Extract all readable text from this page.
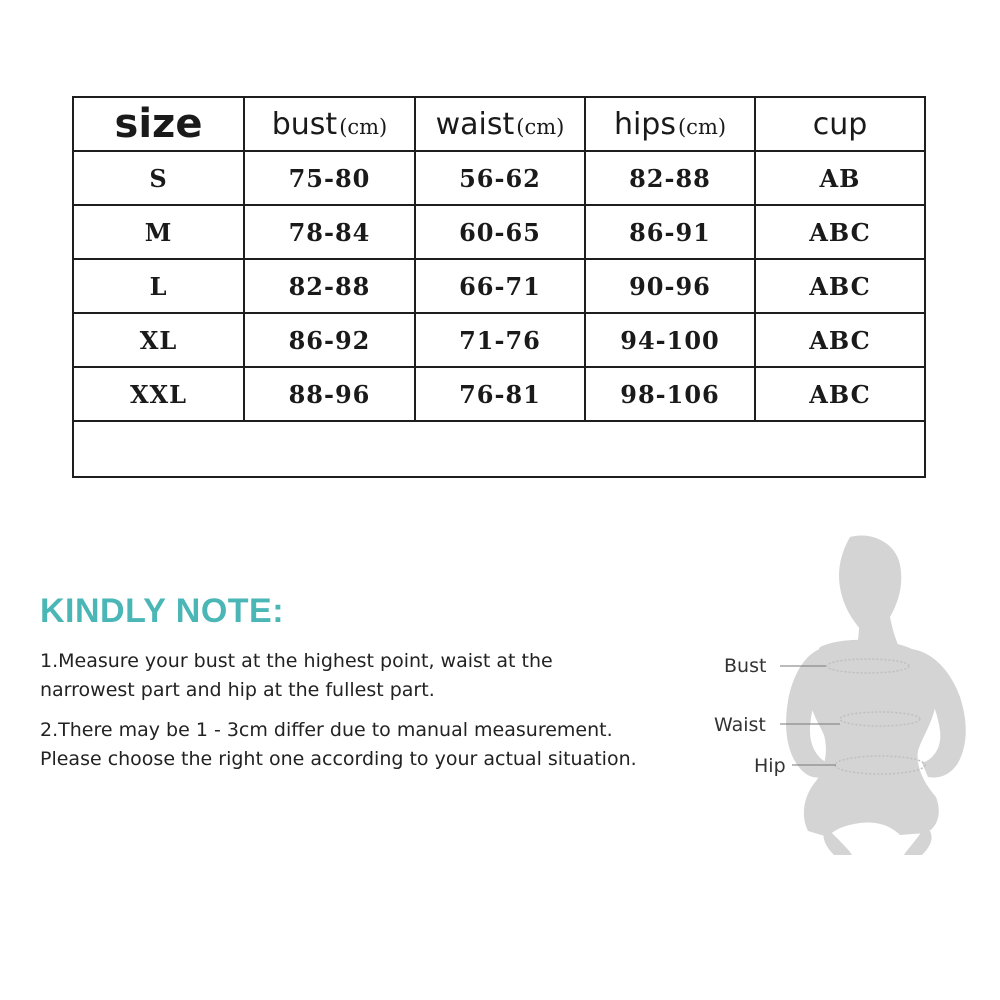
size	bust(cm)	waist(cm)	hips(cm)	cup
S	75-80	56-62	82-88	AB
M	78-84	60-65	86-91	ABC
L	82-88	66-71	90-96	ABC
XL	86-92	71-76	94-100	ABC
XXL	88-96	76-81	98-106	ABC

KINDLY NOTE:

1.Measure your bust at the highest point, waist at the
narrowest part and hip at the fullest part.

2.There may be 1 - 3cm differ due to manual measurement.
Please choose the right one according to your actual situation.

Bust
Waist
Hip
